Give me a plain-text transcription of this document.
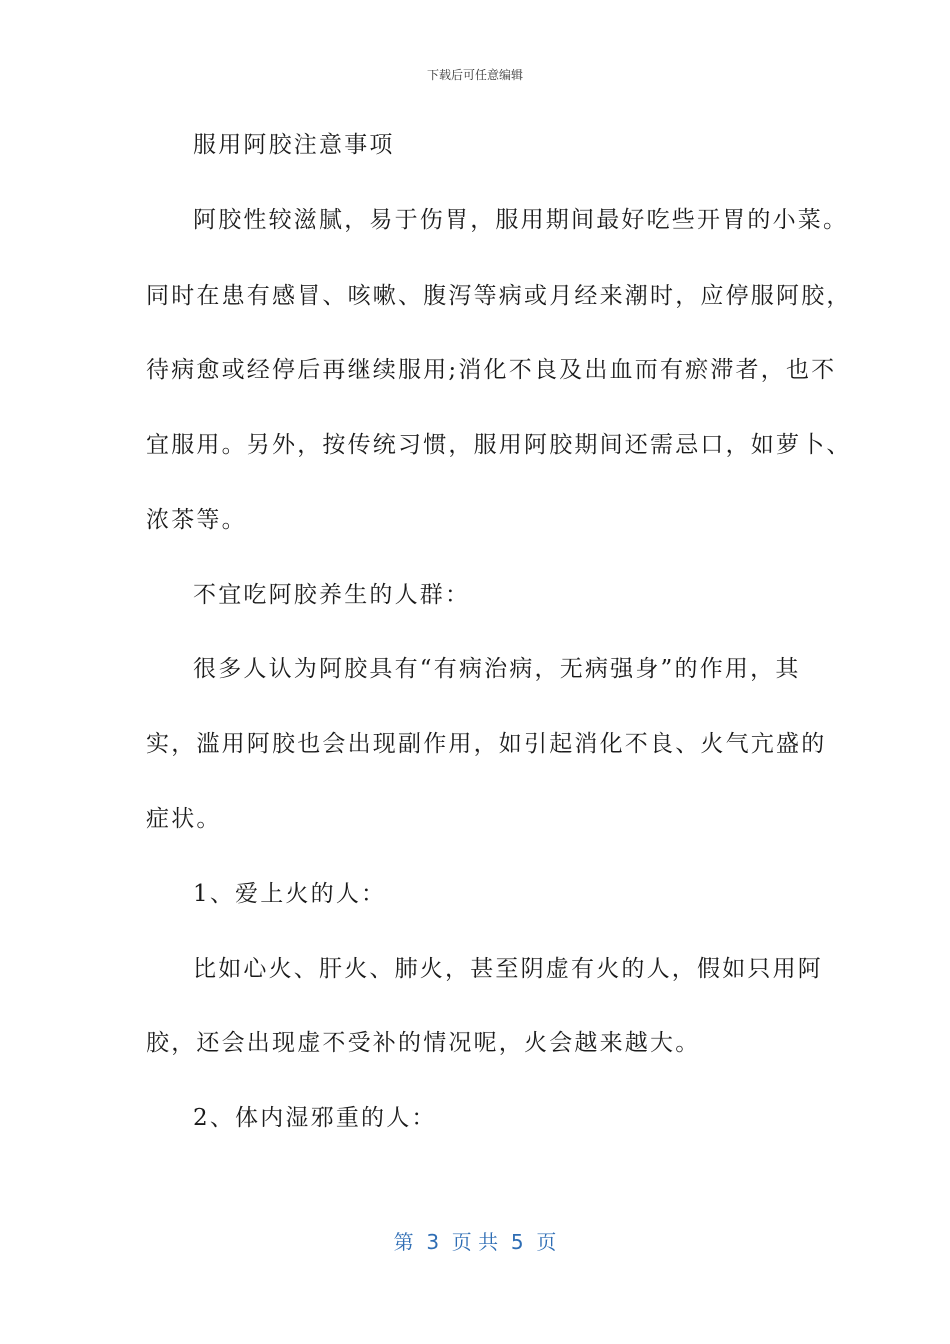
下载后可任意编辑
服用阿胶注意事项
阿胶性较滋腻，易于伤胃，服用期间最好吃些开胃的小菜。
同时在患有感冒、咳嗽、腹泻等病或月经来潮时，应停服阿胶，
待病愈或经停后再继续服用;消化不良及出血而有瘀滞者，也不
宜服用。另外，按传统习惯，服用阿胶期间还需忌口，如萝卜、
浓茶等。
不宜吃阿胶养生的人群：
很多人认为阿胶具有“有病治病，无病强身”的作用，其
实，滥用阿胶也会出现副作用，如引起消化不良、火气亢盛的
症状。
1、爱上火的人：
比如心火、肝火、肺火，甚至阴虚有火的人，假如只用阿
胶，还会出现虚不受补的情况呢，火会越来越大。
2、体内湿邪重的人：
第  3  页 共  5  页
